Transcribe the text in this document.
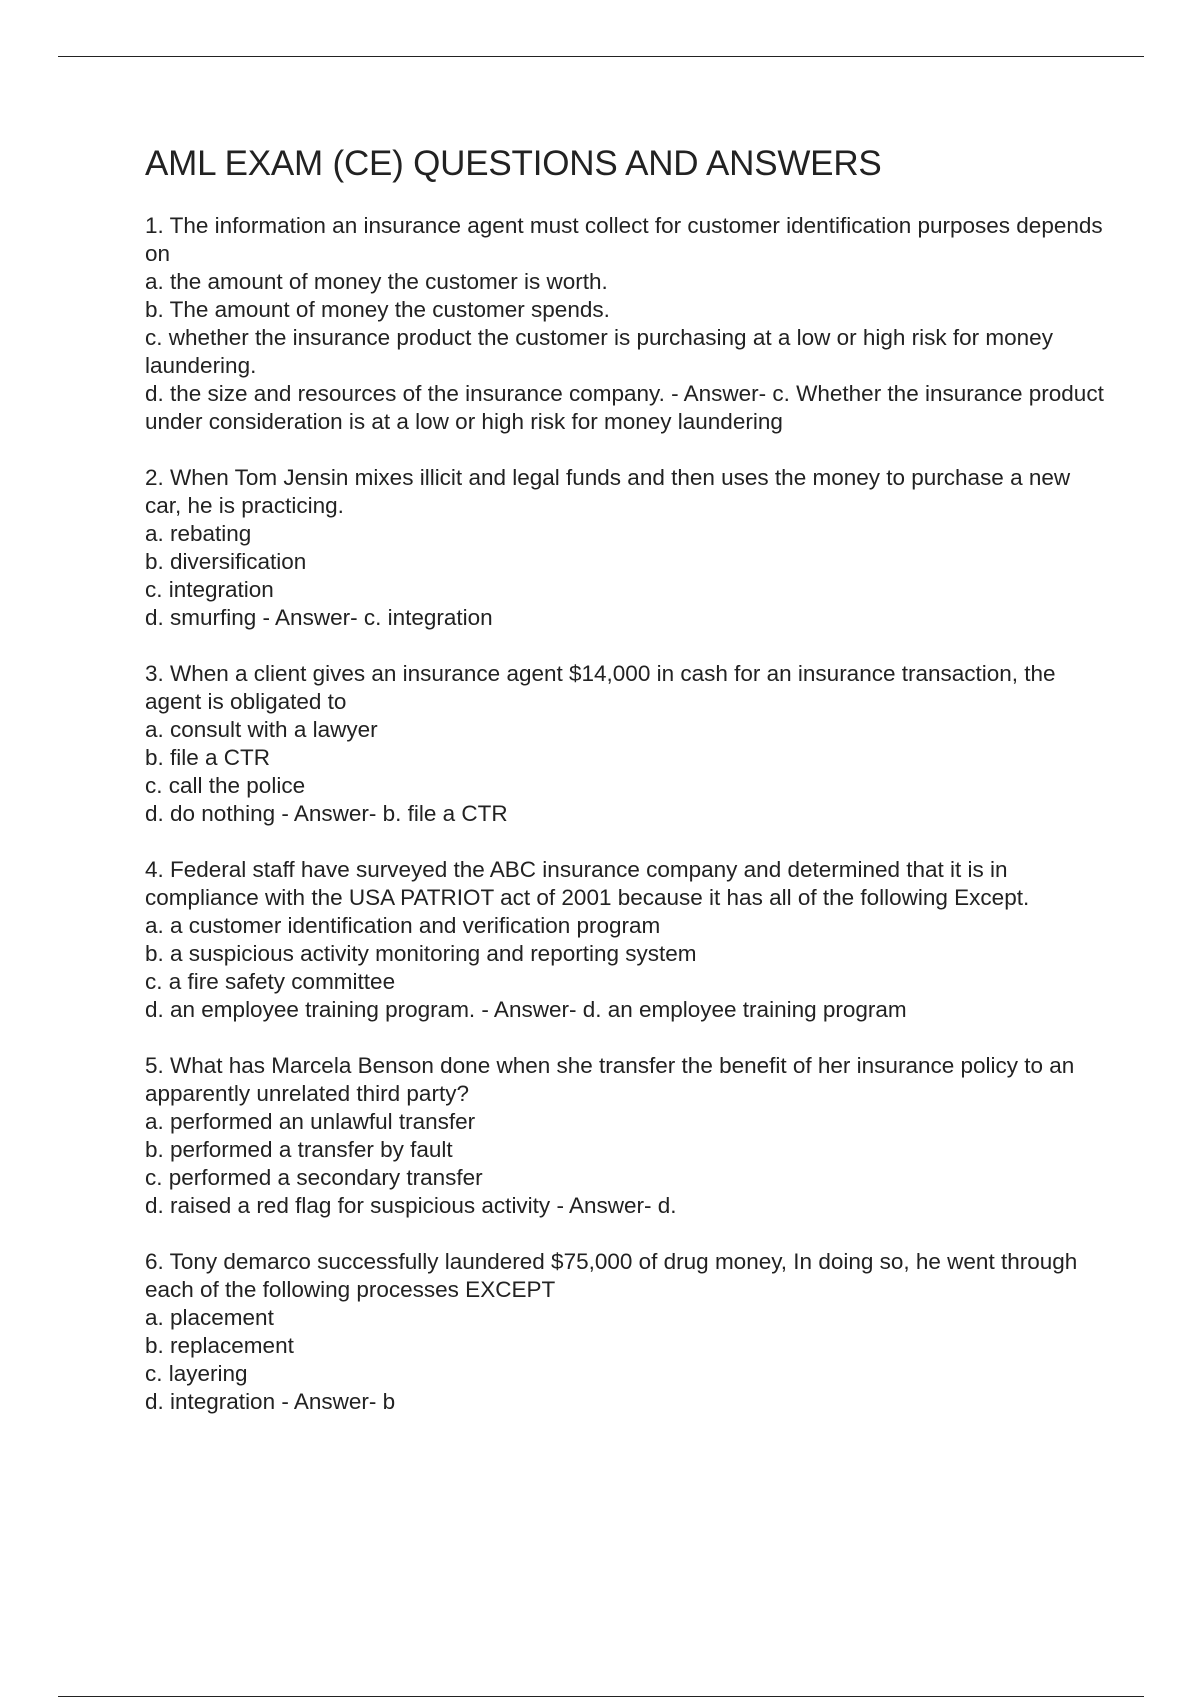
AML EXAM (CE) QUESTIONS AND ANSWERS

1. The information an insurance agent must collect for customer identification purposes depends on

a. the amount of money the customer is worth.

b. The amount of money the customer spends.

c. whether the insurance product the customer is purchasing at a low or high risk for money laundering.

d. the size and resources of the insurance company. - Answer- c. Whether the insurance product under consideration is at a low or high risk for money laundering

2. When Tom Jensin mixes illicit and legal funds and then uses the money to purchase a new car, he is practicing.

a. rebating

b. diversification

c. integration

d. smurfing - Answer- c. integration

3. When a client gives an insurance agent $14,000 in cash for an insurance transaction, the agent is obligated to

a. consult with a lawyer

b. file a CTR

c. call the police

d. do nothing - Answer- b. file a CTR

4. Federal staff have surveyed the ABC insurance company and determined that it is in compliance with the USA PATRIOT act of 2001 because it has all of the following Except.

a. a customer identification and verification program

b. a suspicious activity monitoring and reporting system

c. a fire safety committee

d. an employee training program. - Answer- d. an employee training program

5. What has Marcela Benson done when she transfer the benefit of her insurance policy to an apparently unrelated third party?

a. performed an unlawful transfer

b. performed a transfer by fault

c. performed a secondary transfer

d. raised a red flag for suspicious activity - Answer- d.

6. Tony demarco successfully laundered $75,000 of drug money, In doing so, he went through each of the following processes EXCEPT

a. placement

b. replacement

c. layering

d. integration - Answer- b
